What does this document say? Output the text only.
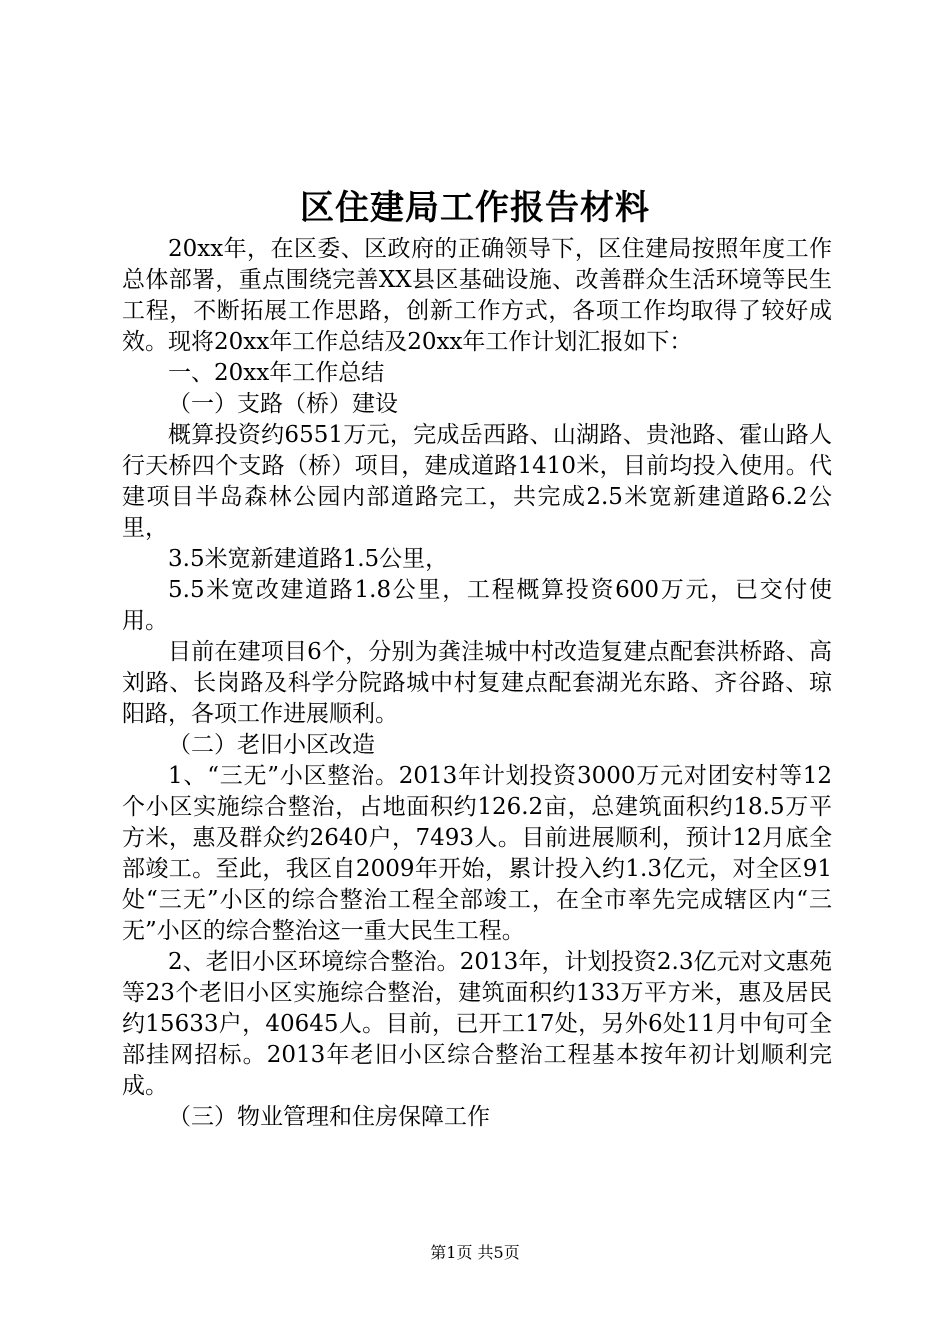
区住建局工作报告材料

20xx年，在区委、区政府的正确领导下，区住建局按照年度工作总体部署，重点围绕完善XX县区基础设施、改善群众生活环境等民生工程，不断拓展工作思路，创新工作方式，各项工作均取得了较好成效。现将20xx年工作总结及20xx年工作计划汇报如下：

一、20xx年工作总结

（一）支路（桥）建设

概算投资约6551万元，完成岳西路、山湖路、贵池路、霍山路人行天桥四个支路（桥）项目，建成道路1410米，目前均投入使用。代建项目半岛森林公园内部道路完工，共完成2.5米宽新建道路6.2公里，

3.5米宽新建道路1.5公里，

5.5米宽改建道路1.8公里，工程概算投资600万元，已交付使用。

目前在建项目6个，分别为龚洼城中村改造复建点配套洪桥路、高刘路、长岗路及科学分院路城中村复建点配套湖光东路、齐谷路、琼阳路，各项工作进展顺利。

（二）老旧小区改造

1、“三无”小区整治。2013年计划投资3000万元对团安村等12个小区实施综合整治，占地面积约126.2亩，总建筑面积约18.5万平方米，惠及群众约2640户，7493人。目前进展顺利，预计12月底全部竣工。至此，我区自2009年开始，累计投入约1.3亿元，对全区91处“三无”小区的综合整治工程全部竣工，在全市率先完成辖区内“三无”小区的综合整治这一重大民生工程。

2、老旧小区环境综合整治。2013年，计划投资2.3亿元对文惠苑等23个老旧小区实施综合整治，建筑面积约133万平方米，惠及居民约15633户，40645人。目前，已开工17处，另外6处11月中旬可全部挂网招标。2013年老旧小区综合整治工程基本按年初计划顺利完成。

（三）物业管理和住房保障工作

第1页 共5页
